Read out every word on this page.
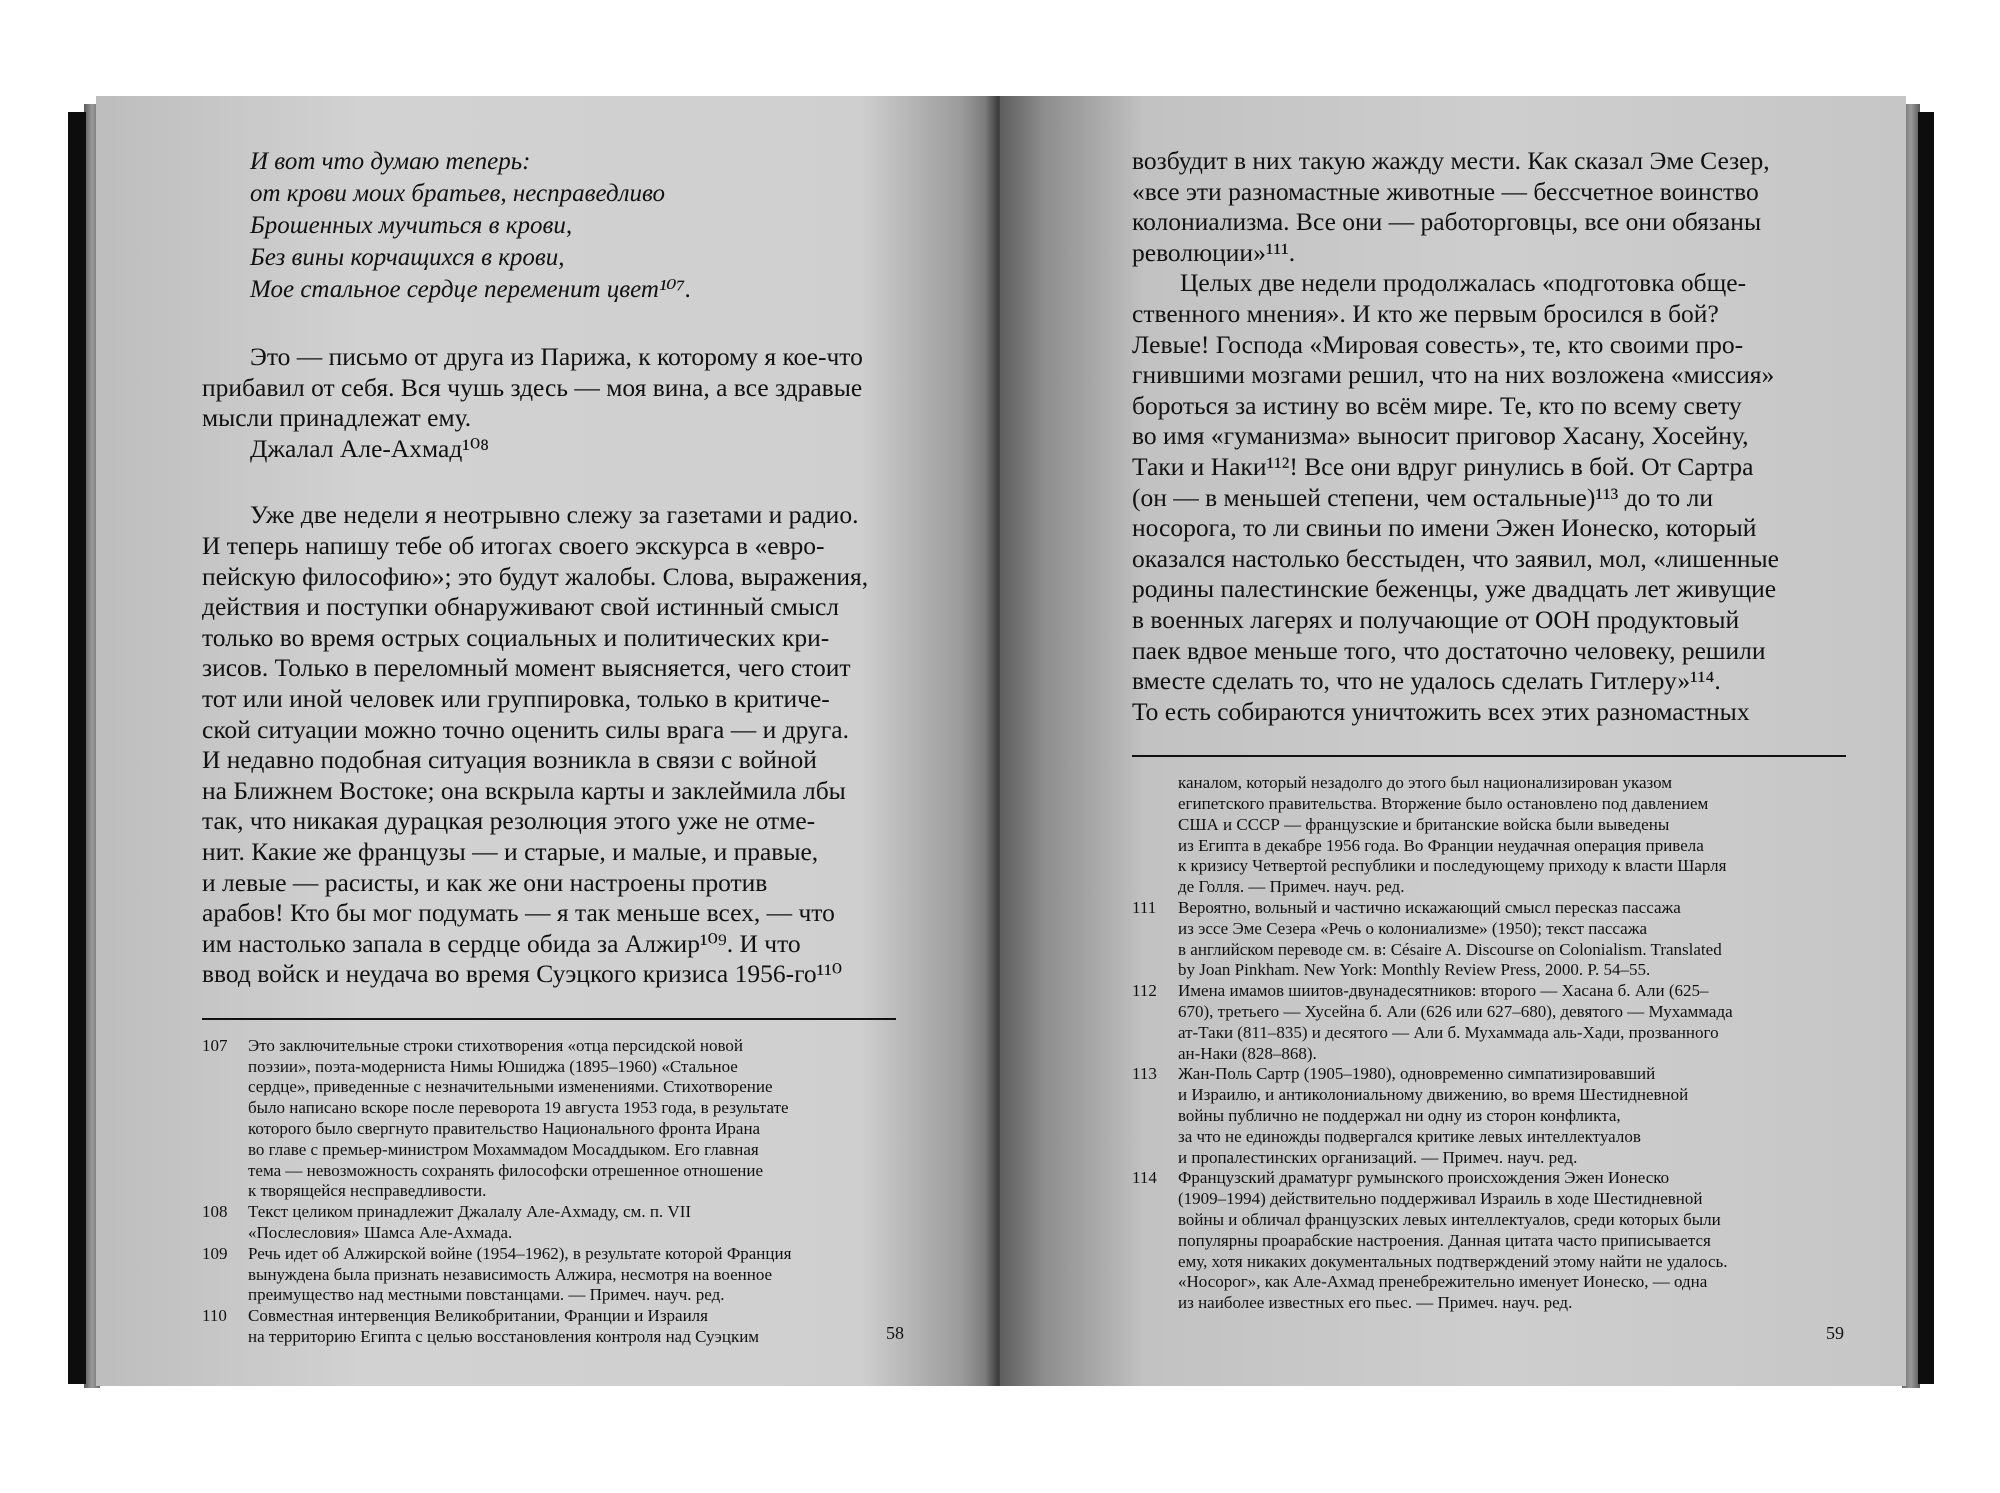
И вот что думаю теперь:

от крови моих братьев, несправедливо

Брошенных мучиться в крови,

Без вины корчащихся в крови,

Мое стальное сердце переменит цвет¹⁰⁷.

Это — письмо от друга из Парижа, к которому я кое-что

прибавил от себя. Вся чушь здесь — моя вина, а все здравые

мысли принадлежат ему.

Джалал Але-Ахмад¹⁰⁸

Уже две недели я неотрывно слежу за газетами и радио.

И теперь напишу тебе об итогах своего экскурса в «евро-

пейскую философию»; это будут жалобы. Слова, выражения,

действия и поступки обнаруживают свой истинный смысл

только во время острых социальных и политических кри-

зисов. Только в переломный момент выясняется, чего стоит

тот или иной человек или группировка, только в критиче-

ской ситуации можно точно оценить силы врага — и друга.

И недавно подобная ситуация возникла в связи с войной

на Ближнем Востоке; она вскрыла карты и заклеймила лбы

так, что никакая дурацкая резолюция этого уже не отме-

нит. Какие же французы — и старые, и малые, и правые,

и левые — расисты, и как же они настроены против

арабов! Кто бы мог подумать — я так меньше всех, — что

им настолько запала в сердце обида за Алжир¹⁰⁹. И что

ввод войск и неудача во время Суэцкого кризиса 1956-го¹¹⁰

107	Это заключительные строки стихотворения «отца персидской новой
поэзии», поэта-модерниста Нимы Юшиджа (1895–1960) «Стальное
сердце», приведенные с незначительными изменениями. Стихотворение
было написано вскоре после переворота 19 августа 1953 года, в результате
которого было свергнуто правительство Национального фронта Ирана
во главе с премьер-министром Мохаммадом Мосаддыком. Его главная
тема — невозможность сохранять философски отрешенное отношение
к творящейся несправедливости.
108	Текст целиком принадлежит Джалалу Але-Ахмаду, см. п. VII
«Послесловия» Шамса Але-Ахмада.
109	Речь идет об Алжирской войне (1954–1962), в результате которой Франция
вынуждена была признать независимость Алжира, несмотря на военное
преимущество над местными повстанцами. — Примеч. науч. ред.
110	Совместная интервенция Великобритании, Франции и Израиля
на территорию Египта с целью восстановления контроля над Суэцким	58

возбудит в них такую жажду мести. Как сказал Эме Сезер,

«все эти разномастные животные — бессчетное воинство

колониализма. Все они — работорговцы, все они обязаны

революции»¹¹¹.

Целых две недели продолжалась «подготовка обще-

ственного мнения». И кто же первым бросился в бой?

Левые! Господа «Мировая совесть», те, кто своими про-

гнившими мозгами решил, что на них возложена «миссия»

бороться за истину во всём мире. Те, кто по всему свету

во имя «гуманизма» выносит приговор Хасану, Хосейну,

Таки и Наки¹¹²! Все они вдруг ринулись в бой. От Сартра

(он — в меньшей степени, чем остальные)¹¹³ до то ли

носорога, то ли свиньи по имени Эжен Ионеско, который

оказался настолько бесстыден, что заявил, мол, «лишенные

родины палестинские беженцы, уже двадцать лет живущие

в военных лагерях и получающие от ООН продуктовый

паек вдвое меньше того, что достаточно человеку, решили

вместе сделать то, что не удалось сделать Гитлеру»¹¹⁴.

То есть собираются уничтожить всех этих разномастных

каналом, который незадолго до этого был национализирован указом
египетского правительства. Вторжение было остановлено под давлением
США и СССР — французские и британские войска были выведены
из Египта в декабре 1956 года. Во Франции неудачная операция привела
к кризису Четвертой республики и последующему приходу к власти Шарля
де Голля. — Примеч. науч. ред.
111	Вероятно, вольный и частично искажающий смысл пересказ пассажа
из эссе Эме Сезера «Речь о колониализме» (1950); текст пассажа
в английском переводе см. в: Césaire A. Discourse on Colonialism. Translated
by Joan Pinkham. New York: Monthly Review Press, 2000. P. 54–55.
112	Имена имамов шиитов-двунадесятников: второго — Хасана б. Али (625–
670), третьего — Хусейна б. Али (626 или 627–680), девятого — Мухаммада
ат-Таки (811–835) и десятого — Али б. Мухаммада аль-Хади, прозванного
ан-Наки (828–868).
113	Жан-Поль Сартр (1905–1980), одновременно симпатизировавший
и Израилю, и антиколониальному движению, во время Шестидневной
войны публично не поддержал ни одну из сторон конфликта,
за что не единожды подвергался критике левых интеллектуалов
и пропалестинских организаций. — Примеч. науч. ред.
114	Французский драматург румынского происхождения Эжен Ионеско
(1909–1994) действительно поддерживал Израиль в ходе Шестидневной
войны и обличал французских левых интеллектуалов, среди которых были
популярны проарабские настроения. Данная цитата часто приписывается
ему, хотя никаких документальных подтверждений этому найти не удалось.
«Носорог», как Але-Ахмад пренебрежительно именует Ионеско, — одна
из наиболее известных его пьес. — Примеч. науч. ред.
59
